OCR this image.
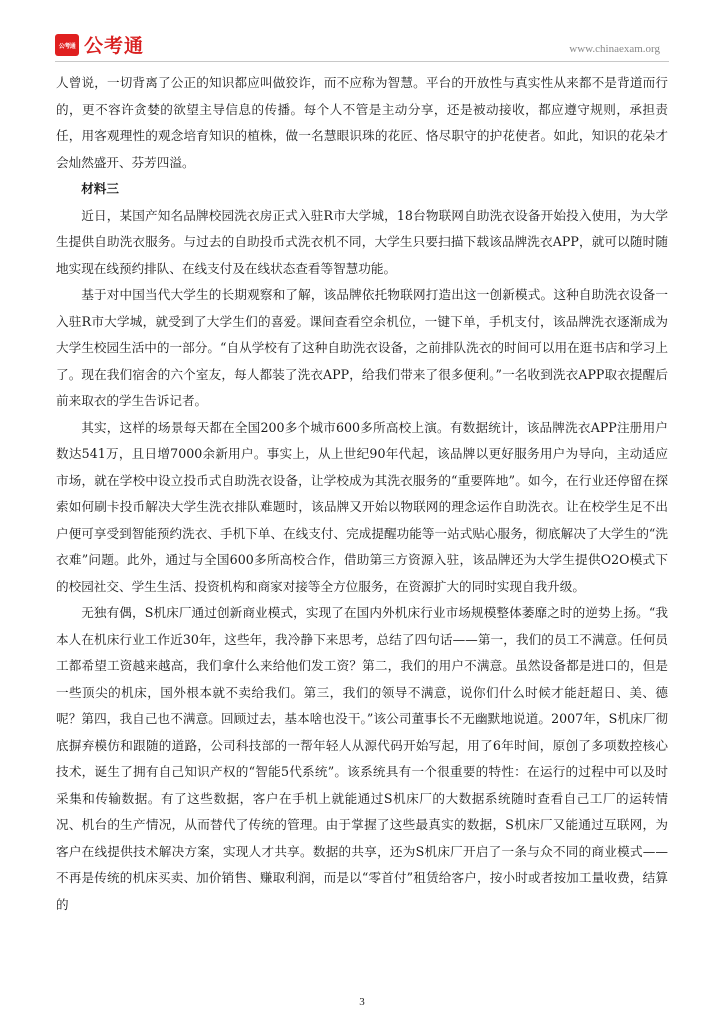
公考通 公考通	www.chinaexam.org

人曾说，一切背离了公正的知识都应叫做狡诈，而不应称为智慧。平台的开放性与真实性从来都不是背道而行的，更不容许贪婪的欲望主导信息的传播。每个人不管是主动分享，还是被动接收，都应遵守规则，承担责任，用客观理性的观念培育知识的植株，做一名慧眼识珠的花匠、恪尽职守的护花使者。如此，知识的花朵才会灿然盛开、芬芳四溢。

材料三

近日，某国产知名品牌校园洗衣房正式入驻R市大学城，18台物联网自助洗衣设备开始投入使用，为大学生提供自助洗衣服务。与过去的自助投币式洗衣机不同，大学生只要扫描下载该品牌洗衣APP，就可以随时随地实现在线预约排队、在线支付及在线状态查看等智慧功能。

基于对中国当代大学生的长期观察和了解，该品牌依托物联网打造出这一创新模式。这种自助洗衣设备一入驻R市大学城，就受到了大学生们的喜爱。课间查看空余机位，一键下单，手机支付，该品牌洗衣逐渐成为大学生校园生活中的一部分。“自从学校有了这种自助洗衣设备，之前排队洗衣的时间可以用在逛书店和学习上了。现在我们宿舍的六个室友，每人都装了洗衣APP，给我们带来了很多便利。”一名收到洗衣APP取衣提醒后前来取衣的学生告诉记者。

其实，这样的场景每天都在全国200多个城市600多所高校上演。有数据统计，该品牌洗衣APP注册用户数达541万，且日增7000余新用户。事实上，从上世纪90年代起，该品牌以更好服务用户为导向，主动适应市场，就在学校中设立投币式自助洗衣设备，让学校成为其洗衣服务的“重要阵地”。如今，在行业还停留在探索如何刷卡投币解决大学生洗衣排队难题时，该品牌又开始以物联网的理念运作自助洗衣。让在校学生足不出户便可享受到智能预约洗衣、手机下单、在线支付、完成提醒功能等一站式贴心服务，彻底解决了大学生的“洗衣难”问题。此外，通过与全国600多所高校合作，借助第三方资源入驻，该品牌还为大学生提供O2O模式下的校园社交、学生生活、投资机构和商家对接等全方位服务，在资源扩大的同时实现自我升级。

无独有偶，S机床厂通过创新商业模式，实现了在国内外机床行业市场规模整体萎靡之时的逆势上扬。“我本人在机床行业工作近30年，这些年，我冷静下来思考，总结了四句话——第一，我们的员工不满意。任何员工都希望工资越来越高，我们拿什么来给他们发工资？第二，我们的用户不满意。虽然设备都是进口的，但是一些顶尖的机床，国外根本就不卖给我们。第三，我们的领导不满意，说你们什么时候才能赶超日、美、德呢？第四，我自己也不满意。回顾过去，基本啥也没干。”该公司董事长不无幽默地说道。2007年，S机床厂彻底摒弃模仿和跟随的道路，公司科技部的一帮年轻人从源代码开始写起，用了6年时间，原创了多项数控核心技术，诞生了拥有自己知识产权的“智能5代系统”。该系统具有一个很重要的特性：在运行的过程中可以及时采集和传输数据。有了这些数据，客户在手机上就能通过S机床厂的大数据系统随时查看自己工厂的运转情况、机台的生产情况，从而替代了传统的管理。由于掌握了这些最真实的数据，S机床厂又能通过互联网，为客户在线提供技术解决方案，实现人才共享。数据的共享，还为S机床厂开启了一条与众不同的商业模式——不再是传统的机床买卖、加价销售、赚取利润，而是以“零首付”租赁给客户，按小时或者按加工量收费，结算的

3
